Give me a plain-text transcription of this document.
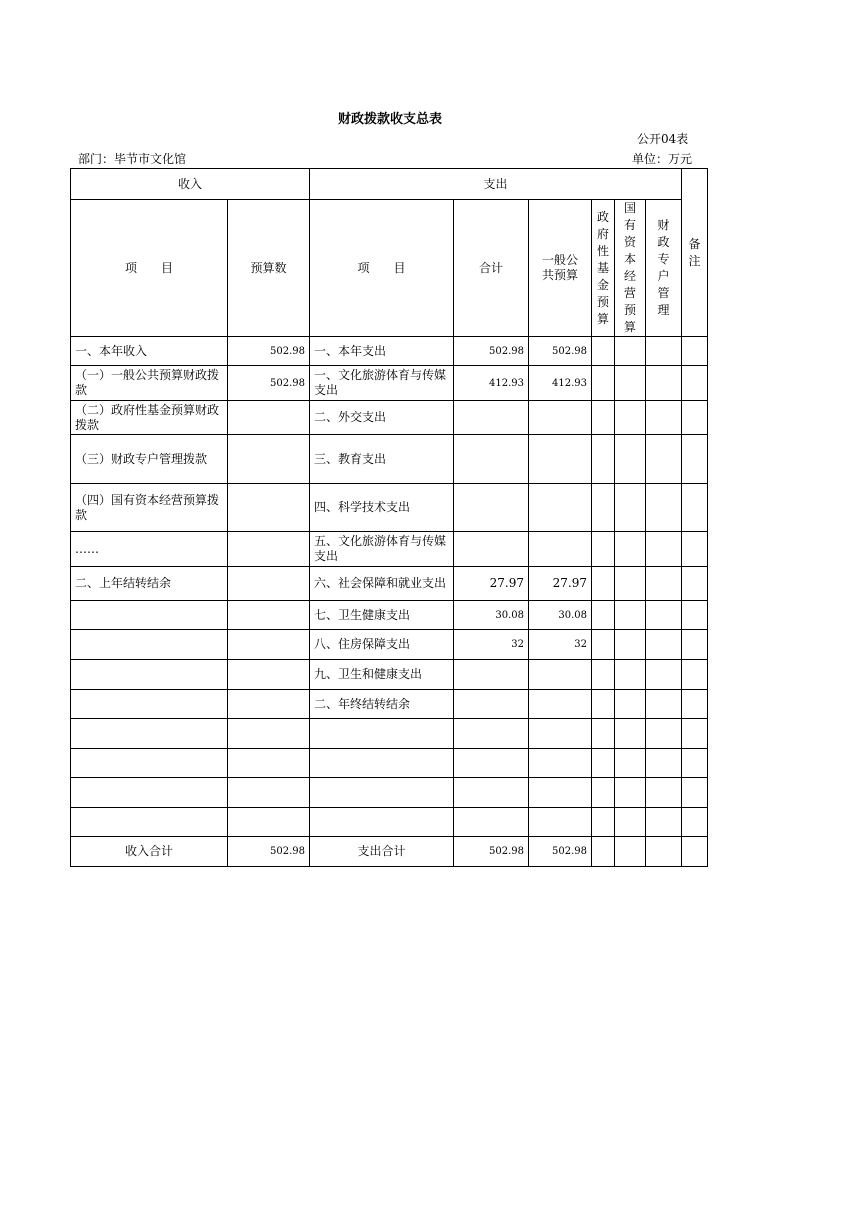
财政拨款收支总表
公开04表
部门：毕节市文化馆	单位：万元
收入		支出						备注

项　　目	预算数	项　　目	合计	一般公共预算	政府性基金预算	国有资本经营预算	财政专户管理	

一、本年收入	502.98	一、本年支出	502.98	502.98				
（一）一般公共预算财政拨款	502.98	一、文化旅游体育与传媒支出	412.93	412.93				
（二）政府性基金预算财政拨款		二、外交支出						
（三）财政专户管理拨款		三、教育支出						
（四）国有资本经营预算拨款		四、科学技术支出						
……		五、文化旅游体育与传媒支出						
二、上年结转结余		六、社会保障和就业支出	27.97	27.97				
		七、卫生健康支出	30.08	30.08				
		八、住房保障支出	32	32				
		九、卫生和健康支出						
		二、年终结转结余						

收入合计	502.98	支出合计	502.98	502.98				
